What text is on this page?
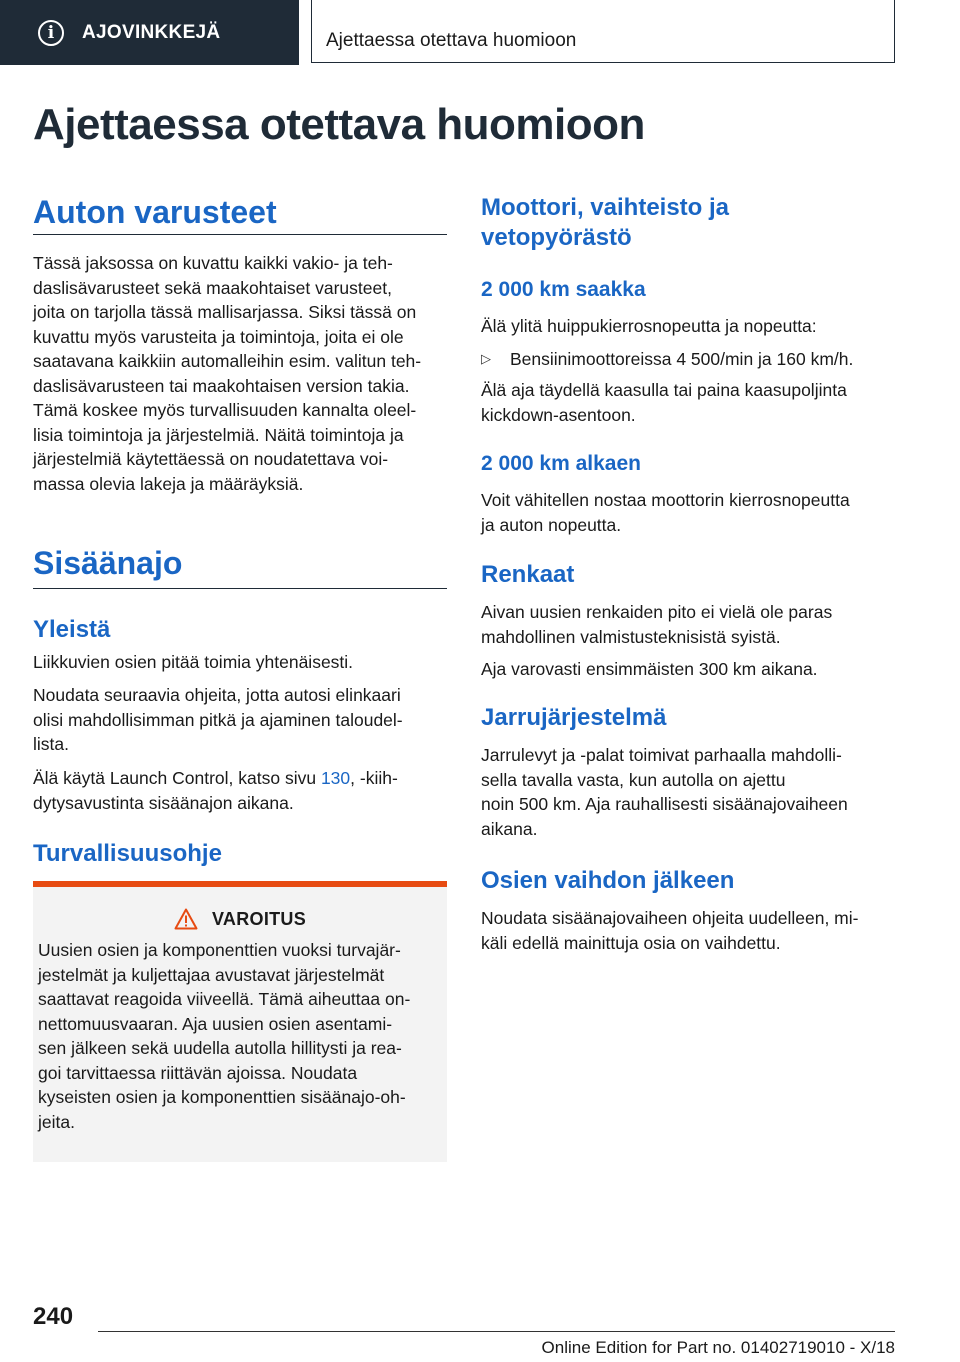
i	AJOVINKKEJÄ	Ajettaessa otettava huomioon
Ajettaessa otettava huomioon
Auton varusteet

Tässä jaksossa on kuvattu kaikki vakio- ja teh‐

daslisävarusteet sekä maakohtaiset varusteet,

joita on tarjolla tässä mallisarjassa. Siksi tässä on

kuvattu myös varusteita ja toimintoja, joita ei ole

saatavana kaikkiin automalleihin esim. valitun teh‐

daslisävarusteen tai maakohtaisen version takia.

Tämä koskee myös turvallisuuden kannalta oleel‐

lisia toimintoja ja järjestelmiä. Näitä toimintoja ja

järjestelmiä käytettäessä on noudatettava voi‐

massa olevia lakeja ja määräyksiä.

Sisäänajo
Yleistä

Liikkuvien osien pitää toimia yhtenäisesti.

Noudata seuraavia ohjeita, jotta autosi elinkaari

olisi mahdollisimman pitkä ja ajaminen taloudel‐

lista.

Älä käytä Launch Control, katso sivu 130, ‑kiih‐

dytysavustinta sisäänajon aikana.

Turvallisuusohje
VAROITUS

Uusien osien ja komponenttien vuoksi turvajär‐

jestelmät ja kuljettajaa avustavat järjestelmät

saattavat reagoida viiveellä. Tämä aiheuttaa on‐

nettomuusvaaran. Aja uusien osien asentami‐

sen jälkeen sekä uudella autolla hillitysti ja rea‐

goi tarvittaessa riittävän ajoissa. Noudata

kyseisten osien ja komponenttien sisäänajo-oh‐

jeita.

Moottori, vaihteisto ja
vetopyörästö
2 000 km saakka

Älä ylitä huippukierrosnopeutta ja nopeutta:

▷	Bensiinimoottoreissa 4 500/min ja 160 km/h.

Älä aja täydellä kaasulla tai paina kaasupoljinta

kickdown-asentoon.

2 000 km alkaen

Voit vähitellen nostaa moottorin kierrosnopeutta

ja auton nopeutta.

Renkaat

Aivan uusien renkaiden pito ei vielä ole paras

mahdollinen valmistusteknisistä syistä.

Aja varovasti ensimmäisten 300 km aikana.

Jarrujärjestelmä

Jarrulevyt ja ‑palat toimivat parhaalla mahdolli‐

sella tavalla vasta, kun autolla on ajettu

noin 500 km. Aja rauhallisesti sisäänajovaiheen

aikana.

Osien vaihdon jälkeen

Noudata sisäänajovaiheen ohjeita uudelleen, mi‐

käli edellä mainittuja osia on vaihdettu.

240
Online Edition for Part no. 01402719010 - X/18
